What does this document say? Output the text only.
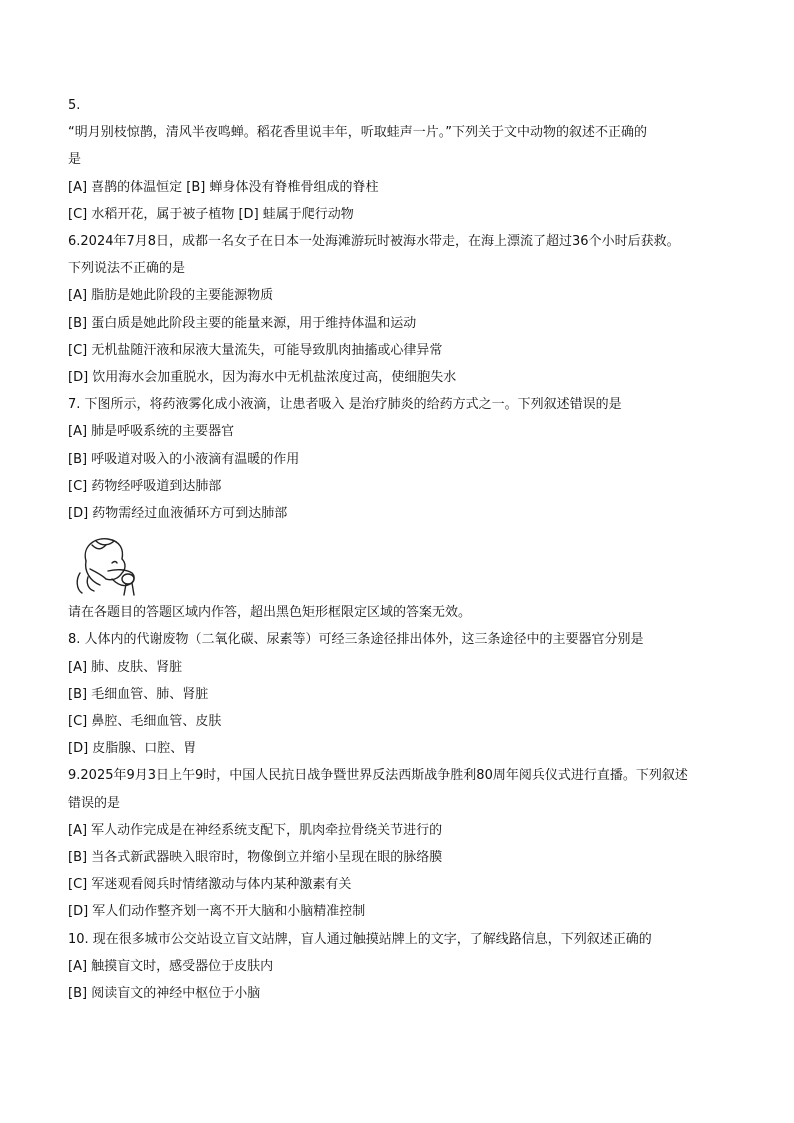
5.
“明月别枝惊鹊，清风半夜鸣蝉。稻花香里说丰年，听取蛙声一片。”下列关于文中动物的叙述不正确的
是
[A] 喜鹊的体温恒定 [B] 蝉身体没有脊椎骨组成的脊柱
[C] 水稻开花，属于被子植物 [D] 蛙属于爬行动物
6.2024年7月8日，成都一名女子在日本一处海滩游玩时被海水带走，在海上漂流了超过36个小时后获救。
下列说法不正确的是
[A] 脂肪是她此阶段的主要能源物质
[B] 蛋白质是她此阶段主要的能量来源，用于维持体温和运动
[C] 无机盐随汗液和尿液大量流失，可能导致肌肉抽搐或心律异常
[D] 饮用海水会加重脱水，因为海水中无机盐浓度过高，使细胞失水
7. 下图所示，将药液雾化成小液滴，让患者吸入 是治疗肺炎的给药方式之一。下列叙述错误的是
[A] 肺是呼吸系统的主要器官
[B] 呼吸道对吸入的小液滴有温暖的作用
[C] 药物经呼吸道到达肺部
[D] 药物需经过血液循环方可到达肺部
请在各题目的答题区域内作答，超出黑色矩形框限定区域的答案无效。
8. 人体内的代谢废物（二氧化碳、尿素等）可经三条途径排出体外，这三条途径中的主要器官分别是
[A] 肺、皮肤、肾脏
[B] 毛细血管、肺、肾脏
[C] 鼻腔、毛细血管、皮肤
[D] 皮脂腺、口腔、胃
9.2025年9月3日上午9时，中国人民抗日战争暨世界反法西斯战争胜利80周年阅兵仪式进行直播。下列叙述
错误的是
[A] 军人动作完成是在神经系统支配下，肌肉牵拉骨绕关节进行的
[B] 当各式新武器映入眼帘时，物像倒立并缩小呈现在眼的脉络膜
[C] 军迷观看阅兵时情绪激动与体内某种激素有关
[D] 军人们动作整齐划一离不开大脑和小脑精准控制
10. 现在很多城市公交站设立盲文站牌，盲人通过触摸站牌上的文字，了解线路信息，下列叙述正确的
[A] 触摸盲文时，感受器位于皮肤内
[B] 阅读盲文的神经中枢位于小脑
